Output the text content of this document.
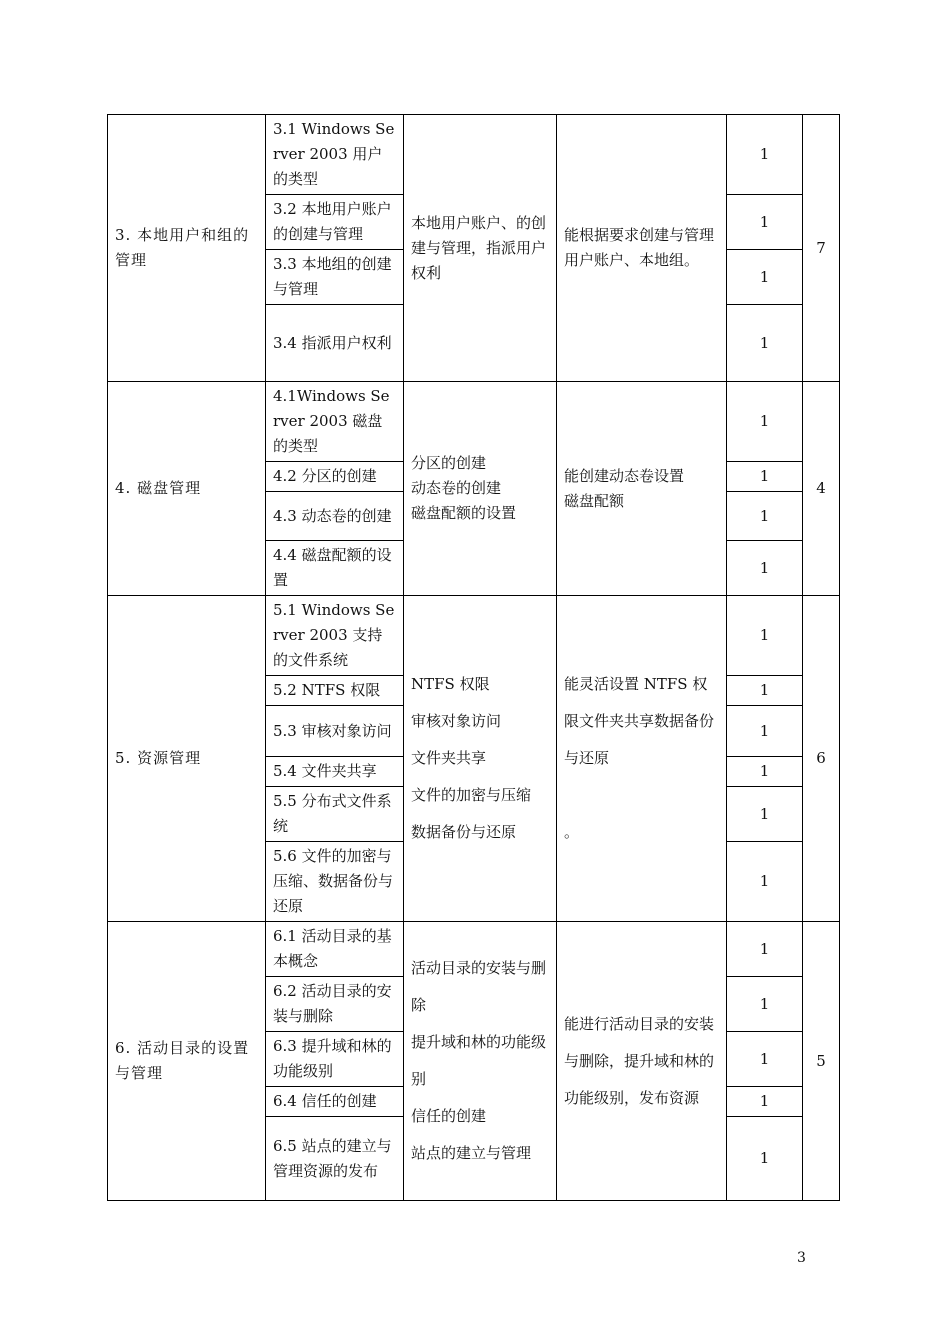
3. 本地用户和组的管理	3.1 Windows Server 2003 用户的类型	本地用户账户、的创建与管理，指派用户权利	能根据要求创建与管理用户账户、本地组。	1	7
	3.2 本地用户账户的创建与管理			1	
	3.3 本地组的创建与管理			1	
	3.4 指派用户权利			1	
4. 磁盘管理	4.1Windows Server 2003 磁盘的类型	分区的创建
动态卷的创建
磁盘配额的设置	能创建动态卷设置
磁盘配额	1	4
	4.2 分区的创建			1	
	4.3 动态卷的创建			1	
	4.4 磁盘配额的设置			1	
5. 资源管理	5.1 Windows Server 2003 支持的文件系统	NTFS 权限
审核对象访问
文件夹共享
文件的加密与压缩
数据备份与还原	能灵活设置 NTFS 权限文件夹共享数据备份与还原

。	1	6
	5.2 NTFS 权限			1	
	5.3 审核对象访问			1	
	5.4 文件夹共享			1	
	5.5 分布式文件系统			1	
	5.6 文件的加密与压缩、数据备份与还原			1	
6. 活动目录的设置与管理	6.1 活动目录的基本概念	活动目录的安装与删除
提升域和林的功能级别
信任的创建
站点的建立与管理	能进行活动目录的安装与删除，提升域和林的功能级别，发布资源	1	5
	6.2 活动目录的安装与删除			1	
	6.3 提升域和林的功能级别			1	
	6.4 信任的创建			1	
	6.5 站点的建立与管理资源的发布			1	
3
